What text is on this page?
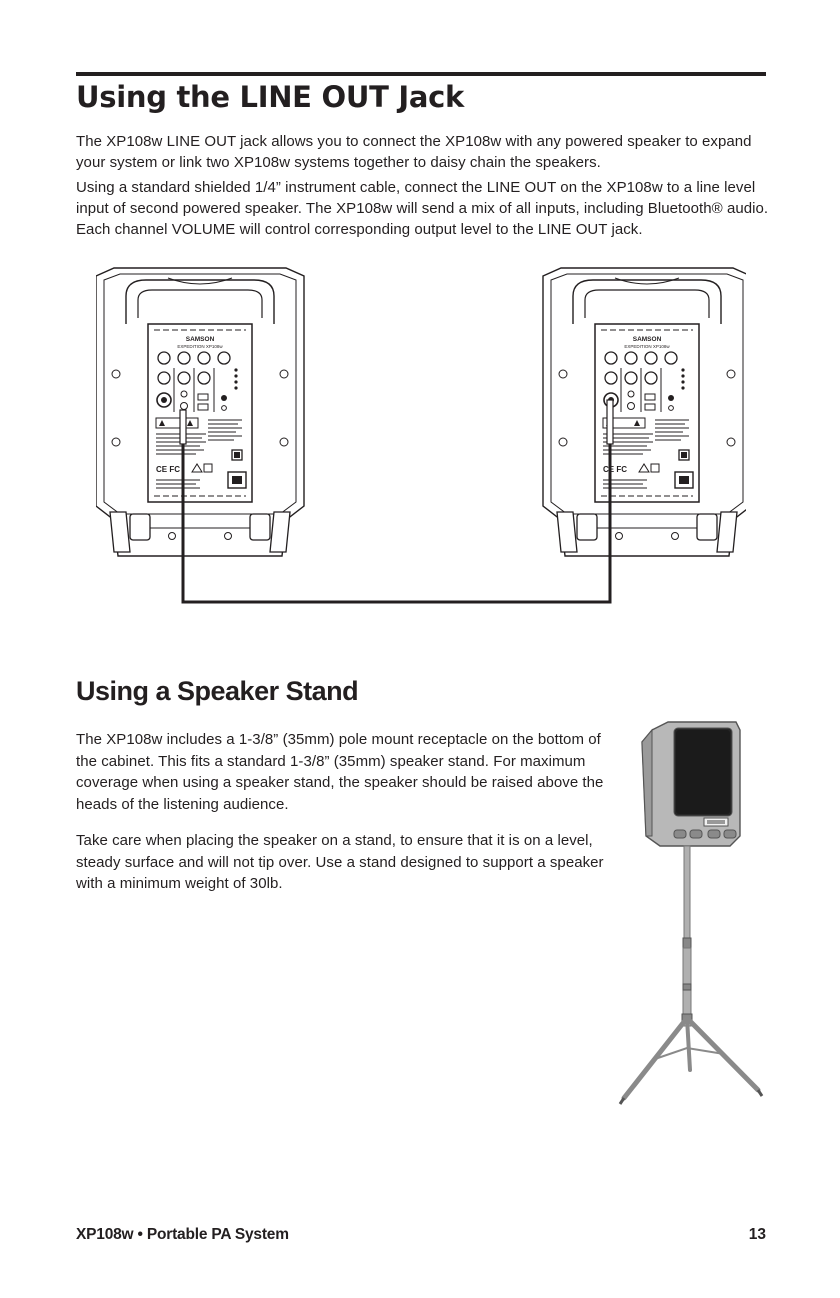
Using the LINE OUT Jack

The XP108w LINE OUT jack allows you to connect the XP108w with any powered speaker to expand your system or link two XP108w systems together to daisy chain the speakers.

Using a standard shielded 1/4” instrument cable, connect the LINE OUT on the XP108w to a line level input of second powered speaker. The XP108w will send a mix of all inputs, including Bluetooth® audio. Each channel VOLUME will control corresponding output level to the LINE OUT jack.

SAMSON
EXPEDITION XP108w
SAMSON
EXPEDITION XP108w
Using a Speaker Stand

The XP108w includes a 1-3/8” (35mm) pole mount receptacle on the bottom of the cabinet. This fits a standard 1-3/8” (35mm) speaker stand. For maximum coverage when using a speaker stand, the speaker should be raised above the heads of the listening audience.

Take care when placing the speaker on a stand, to ensure that it is on a level, steady surface and will not tip over. Use a stand designed to support a speaker with a minimum weight of 30lb.

XP108w • Portable PA System	13
